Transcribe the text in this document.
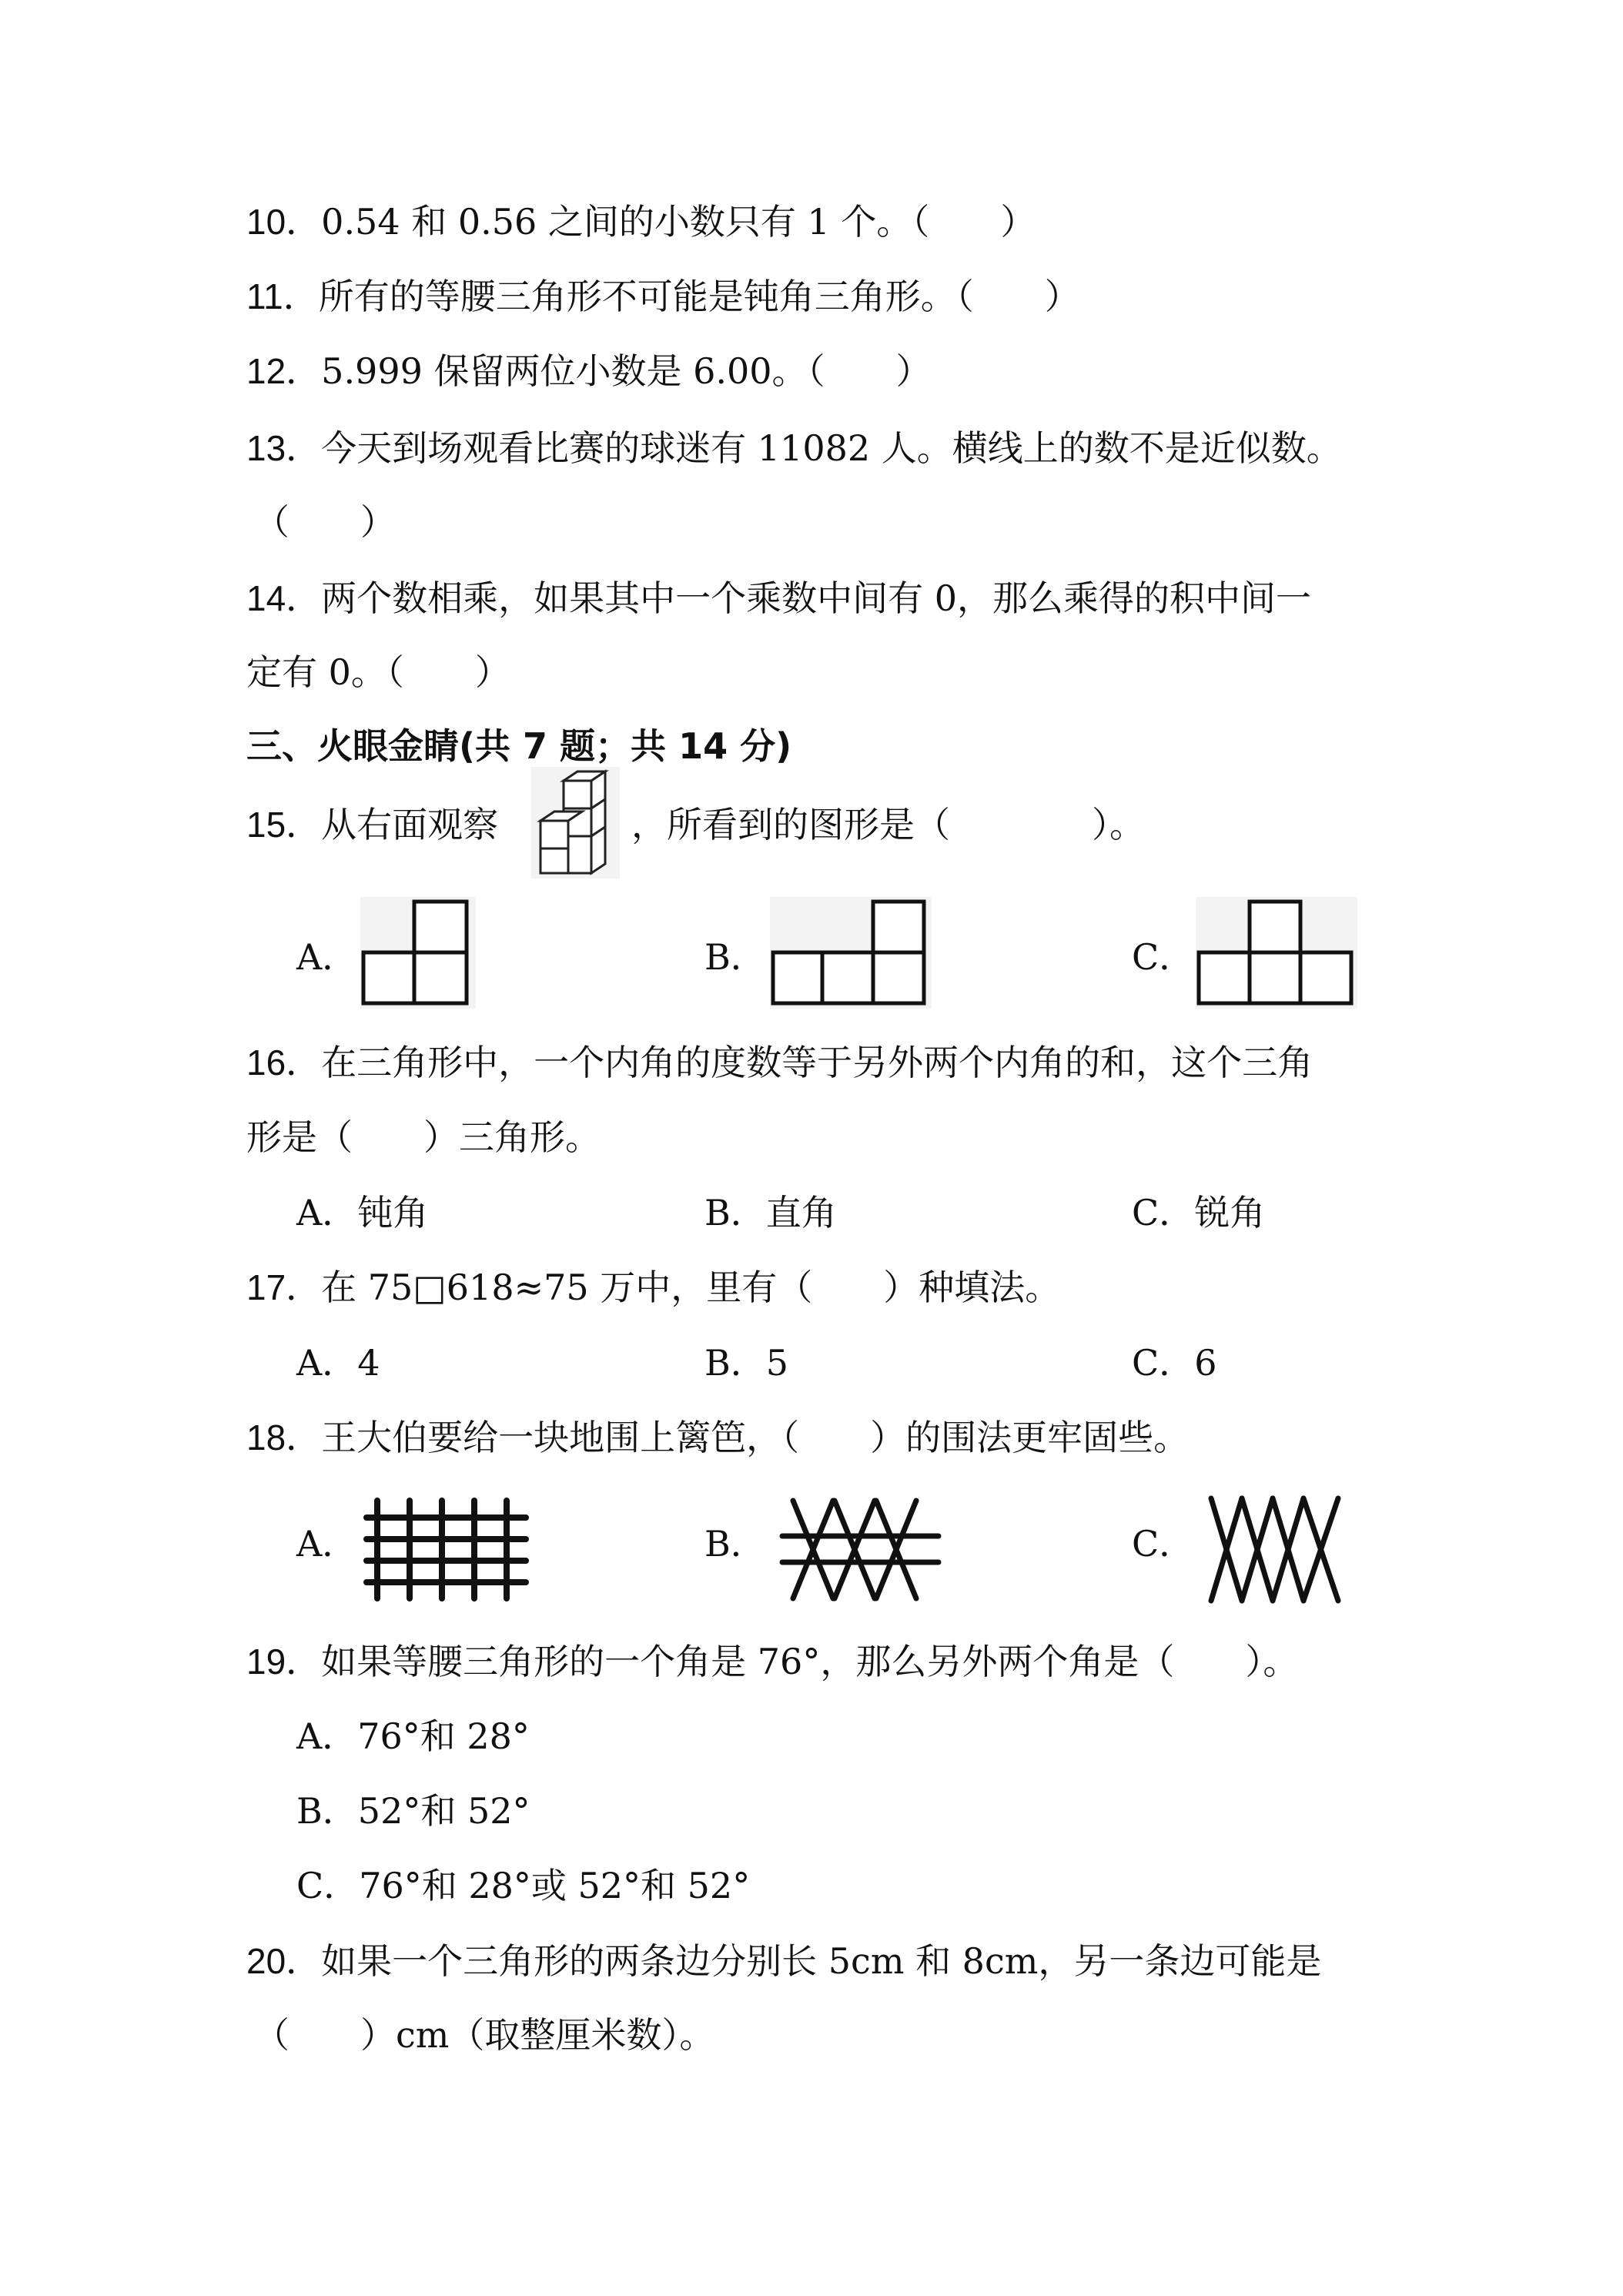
10．0.54 和 0.56 之间的小数只有 1 个。（　　）
11．所有的等腰三角形不可能是钝角三角形。（　　）
12．5.999 保留两位小数是 6.00。（　　）
13．今天到场观看比赛的球迷有 11082 人。横线上的数不是近似数。
（　　）
14．两个数相乘，如果其中一个乘数中间有 0，那么乘得的积中间一
定有 0。（　　）
三、火眼金睛(共 7 题；共 14 分)
15．从右面观察	，所看到的图形是（　　　　）。
A．	B．	C．
16．在三角形中，一个内角的度数等于另外两个内角的和，这个三角
形是（　　）三角形。
A．钝角	B．直角	C．锐角
17．在 75□618≈75 万中，里有（　　）种填法。
A．4	B．5	C．6
18．王大伯要给一块地围上篱笆，（　　）的围法更牢固些。
A．	B．	C．
19．如果等腰三角形的一个角是 76°，那么另外两个角是（　　）。
A．76°和 28°
B．52°和 52°
C．76°和 28°或 52°和 52°
20．如果一个三角形的两条边分别长 5cm 和 8cm，另一条边可能是
（　　）cm（取整厘米数）。
